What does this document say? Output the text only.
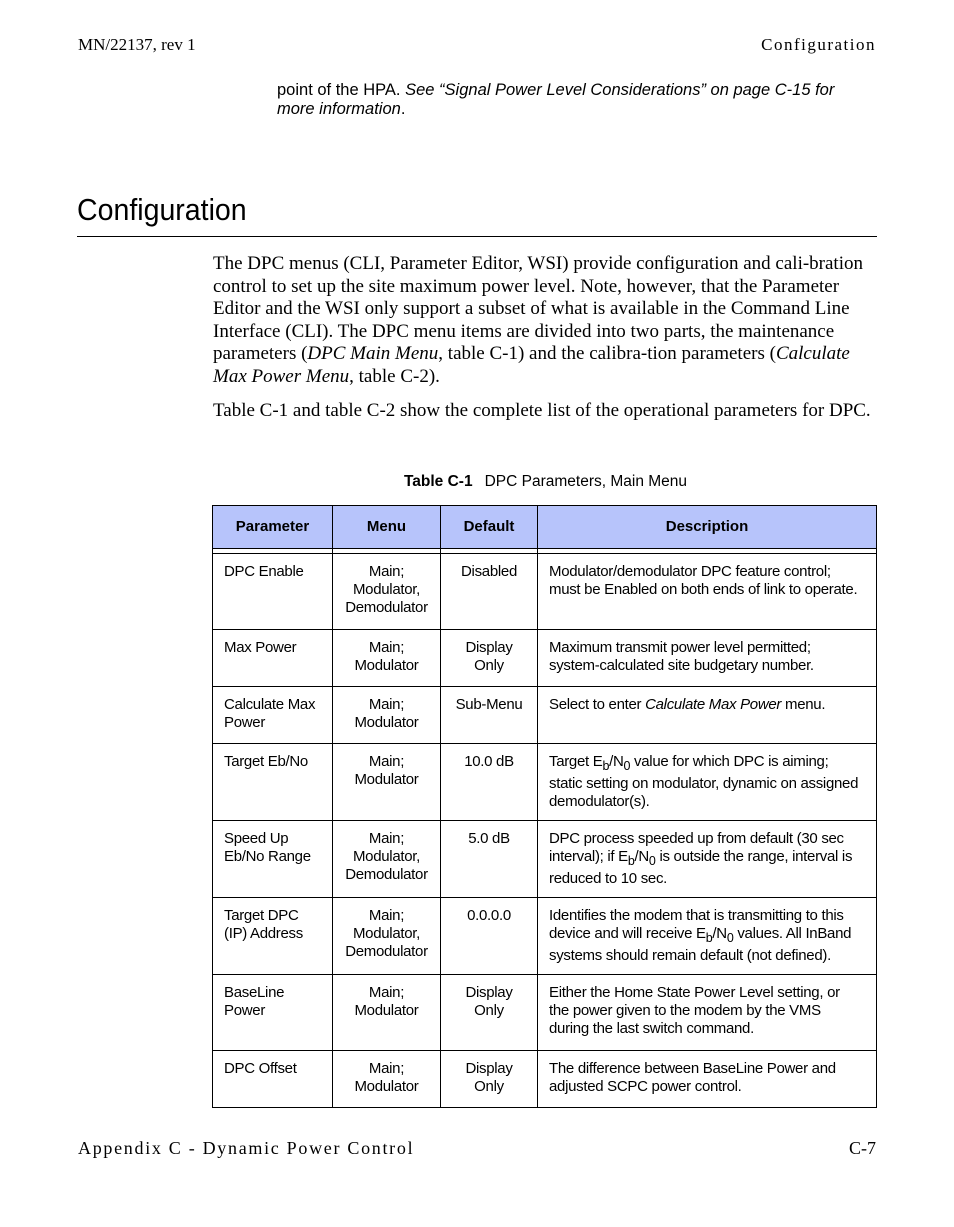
MN/22137, rev 1	Configuration
point of the HPA. See “Signal Power Level Considerations” on page C-15 for more information.
Configuration

The DPC menus (CLI, Parameter Editor, WSI) provide configuration and cali-bration control to set up the site maximum power level. Note, however, that the Parameter Editor and the WSI only support a subset of what is available in the Command Line Interface (CLI). The DPC menu items are divided into two parts, the maintenance parameters (DPC Main Menu, table C-1) and the calibra-tion parameters (Calculate Max Power Menu, table C-2).

Table C-1 and table C-2 show the complete list of the operational parameters for DPC.

Table C-1 DPC Parameters, Main Menu
Parameter	Menu	Default	Description

DPC Enable	Main;
Modulator,
Demodulator	Disabled	Modulator/demodulator DPC feature control;
must be Enabled on both ends of link to operate.
Max Power	Main;
Modulator	Display
Only	Maximum transmit power level permitted;
system-calculated site budgetary number.
Calculate Max Power	Main;
Modulator	Sub-Menu	Select to enter Calculate Max Power menu.
Target Eb/No	Main;
Modulator	10.0 dB	Target $E_b/N_0$ value for which DPC is aiming; static setting on modulator, dynamic on assigned demodulator(s).
Speed Up Eb/No Range	Main;
Modulator,
Demodulator	5.0 dB	DPC process speeded up from default (30 sec interval); if $E_b/N_0$ is outside the range, interval is reduced to 10 sec.
Target DPC (IP) Address	Main;
Modulator,
Demodulator	0.0.0.0	Identifies the modem that is transmitting to this device and will receive $E_b/N_0$ values. All InBand systems should remain default (not defined).
BaseLine Power	Main;
Modulator	Display
Only	Either the Home State Power Level setting, or
the power given to the modem by the VMS
during the last switch command.
DPC Offset	Main;
Modulator	Display
Only	The difference between BaseLine Power and
adjusted SCPC power control.
Appendix C - Dynamic Power Control	C-7
